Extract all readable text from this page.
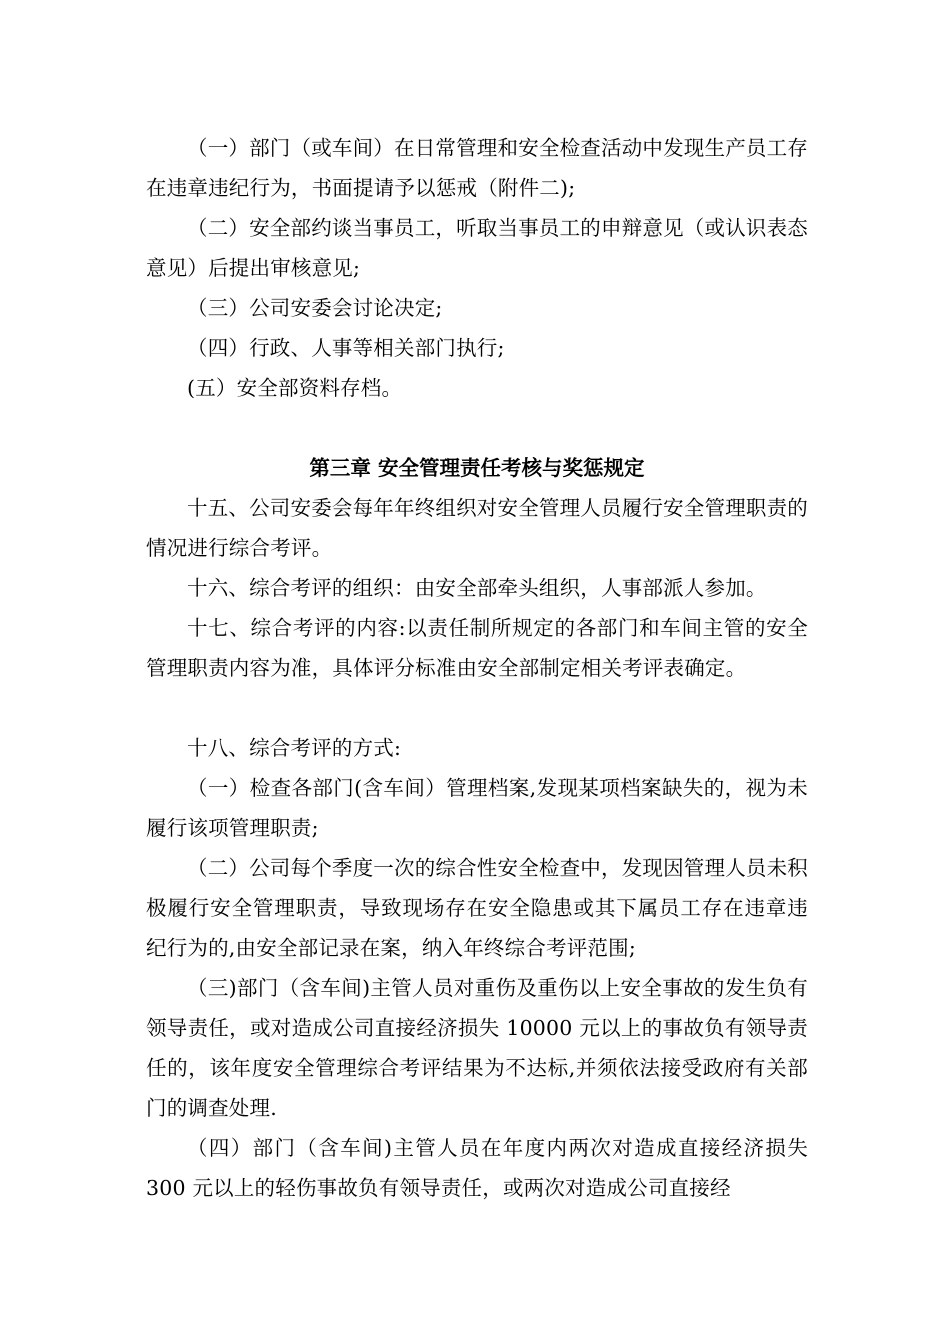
（一）部门（或车间）在日常管理和安全检查活动中发现生产员工存在违章违纪行为，书面提请予以惩戒（附件二);

（二）安全部约谈当事员工，听取当事员工的申辩意见（或认识表态意见）后提出审核意见;

（三）公司安委会讨论决定;

（四）行政、人事等相关部门执行;

(五）安全部资料存档。

第三章 安全管理责任考核与奖惩规定

十五、公司安委会每年年终组织对安全管理人员履行安全管理职责的情况进行综合考评。

十六、综合考评的组织：由安全部牵头组织，人事部派人参加。

十七、综合考评的内容:以责任制所规定的各部门和车间主管的安全管理职责内容为准，具体评分标准由安全部制定相关考评表确定。

十八、综合考评的方式:

（一）检查各部门(含车间）管理档案,发现某项档案缺失的，视为未履行该项管理职责;

（二）公司每个季度一次的综合性安全检查中，发现因管理人员未积极履行安全管理职责，导致现场存在安全隐患或其下属员工存在违章违纪行为的,由安全部记录在案，纳入年终综合考评范围;

（三)部门（含车间)主管人员对重伤及重伤以上安全事故的发生负有领导责任，或对造成公司直接经济损失 10000 元以上的事故负有领导责任的，该年度安全管理综合考评结果为不达标,并须依法接受政府有关部门的调查处理.

（四）部门（含车间)主管人员在年度内两次对造成直接经济损失 300 元以上的轻伤事故负有领导责任，或两次对造成公司直接经
